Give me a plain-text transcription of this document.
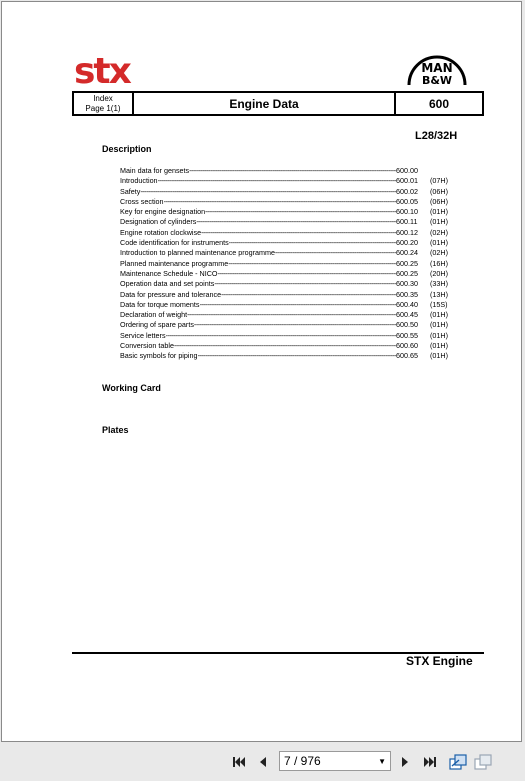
stx	MAN
B&W
Index
Page 1(1)	Engine Data	600
L28/32H
Description
Main data for gensets -----	600.00
Introduction -----	600.01	(07H)
Safety -----	600.02	(06H)
Cross section -----	600.05	(06H)
Key for engine designation -----	600.10	(01H)
Designation of cylinders -----	600.11	(01H)
Engine rotation clockwise -----	600.12	(02H)
Code identification for instruments -----	600.20	(01H)
Introduction to planned maintenance programme -----	600.24	(02H)
Planned maintenance programme -----	600.25	(16H)
Maintenance Schedule - NICO -----	600.25	(20H)
Operation data and set points -----	600.30	(33H)
Data for pressure and tolerance -----	600.35	(13H)
Data for torque moments -----	600.40	(15S)
Declaration of weight -----	600.45	(01H)
Ordering of spare parts -----	600.50	(01H)
Service letters -----	600.55	(01H)
Conversion table -----	600.60	(01H)
Basic symbols for piping -----	600.65	(01H)
Working Card
Plates
STX Engine
7 / 976	▼
